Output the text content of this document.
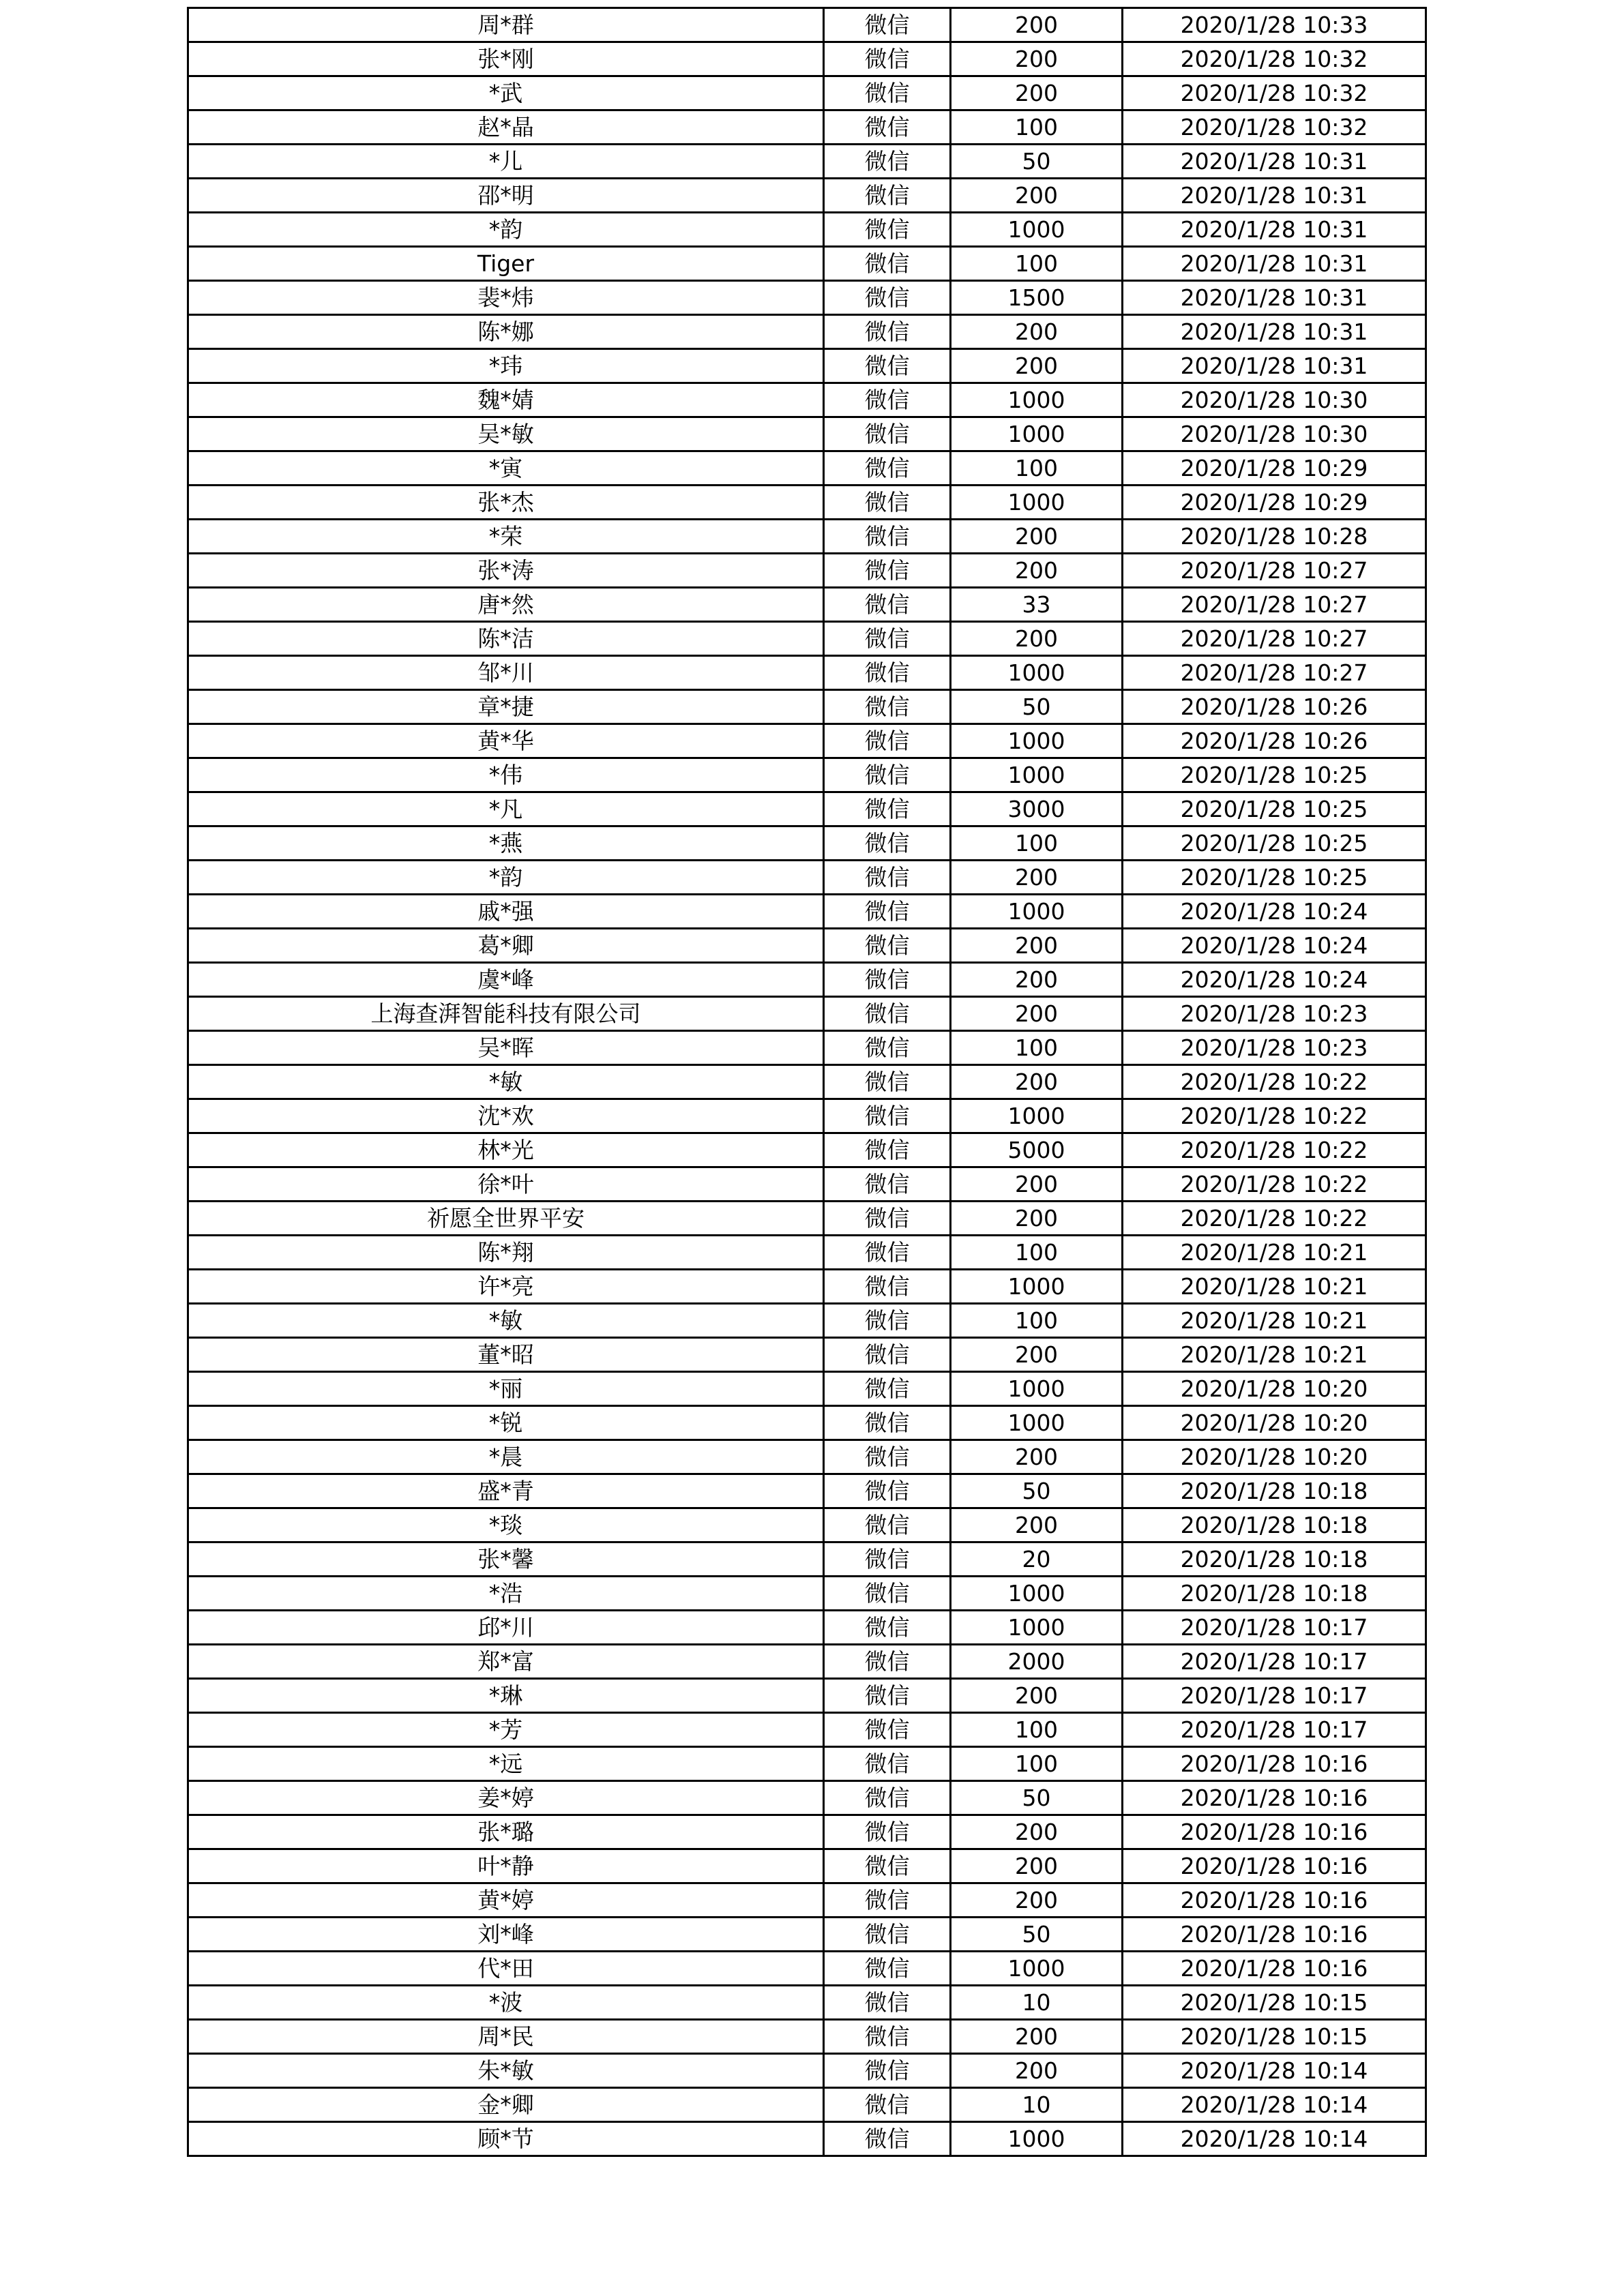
周*群	微信	200	2020/1/28 10:33
张*刚	微信	200	2020/1/28 10:32
*武	微信	200	2020/1/28 10:32
赵*晶	微信	100	2020/1/28 10:32
*儿	微信	50	2020/1/28 10:31
邵*明	微信	200	2020/1/28 10:31
*韵	微信	1000	2020/1/28 10:31
Tiger	微信	100	2020/1/28 10:31
裴*炜	微信	1500	2020/1/28 10:31
陈*娜	微信	200	2020/1/28 10:31
*玮	微信	200	2020/1/28 10:31
魏*婧	微信	1000	2020/1/28 10:30
吴*敏	微信	1000	2020/1/28 10:30
*寅	微信	100	2020/1/28 10:29
张*杰	微信	1000	2020/1/28 10:29
*荣	微信	200	2020/1/28 10:28
张*涛	微信	200	2020/1/28 10:27
唐*然	微信	33	2020/1/28 10:27
陈*洁	微信	200	2020/1/28 10:27
邹*川	微信	1000	2020/1/28 10:27
章*捷	微信	50	2020/1/28 10:26
黄*华	微信	1000	2020/1/28 10:26
*伟	微信	1000	2020/1/28 10:25
*凡	微信	3000	2020/1/28 10:25
*燕	微信	100	2020/1/28 10:25
*韵	微信	200	2020/1/28 10:25
戚*强	微信	1000	2020/1/28 10:24
葛*卿	微信	200	2020/1/28 10:24
虞*峰	微信	200	2020/1/28 10:24
上海查湃智能科技有限公司	微信	200	2020/1/28 10:23
吴*晖	微信	100	2020/1/28 10:23
*敏	微信	200	2020/1/28 10:22
沈*欢	微信	1000	2020/1/28 10:22
林*光	微信	5000	2020/1/28 10:22
徐*叶	微信	200	2020/1/28 10:22
祈愿全世界平安	微信	200	2020/1/28 10:22
陈*翔	微信	100	2020/1/28 10:21
许*亮	微信	1000	2020/1/28 10:21
*敏	微信	100	2020/1/28 10:21
董*昭	微信	200	2020/1/28 10:21
*丽	微信	1000	2020/1/28 10:20
*锐	微信	1000	2020/1/28 10:20
*晨	微信	200	2020/1/28 10:20
盛*青	微信	50	2020/1/28 10:18
*琰	微信	200	2020/1/28 10:18
张*馨	微信	20	2020/1/28 10:18
*浩	微信	1000	2020/1/28 10:18
邱*川	微信	1000	2020/1/28 10:17
郑*富	微信	2000	2020/1/28 10:17
*琳	微信	200	2020/1/28 10:17
*芳	微信	100	2020/1/28 10:17
*远	微信	100	2020/1/28 10:16
姜*婷	微信	50	2020/1/28 10:16
张*璐	微信	200	2020/1/28 10:16
叶*静	微信	200	2020/1/28 10:16
黄*婷	微信	200	2020/1/28 10:16
刘*峰	微信	50	2020/1/28 10:16
代*田	微信	1000	2020/1/28 10:16
*波	微信	10	2020/1/28 10:15
周*民	微信	200	2020/1/28 10:15
朱*敏	微信	200	2020/1/28 10:14
金*卿	微信	10	2020/1/28 10:14
顾*节	微信	1000	2020/1/28 10:14
